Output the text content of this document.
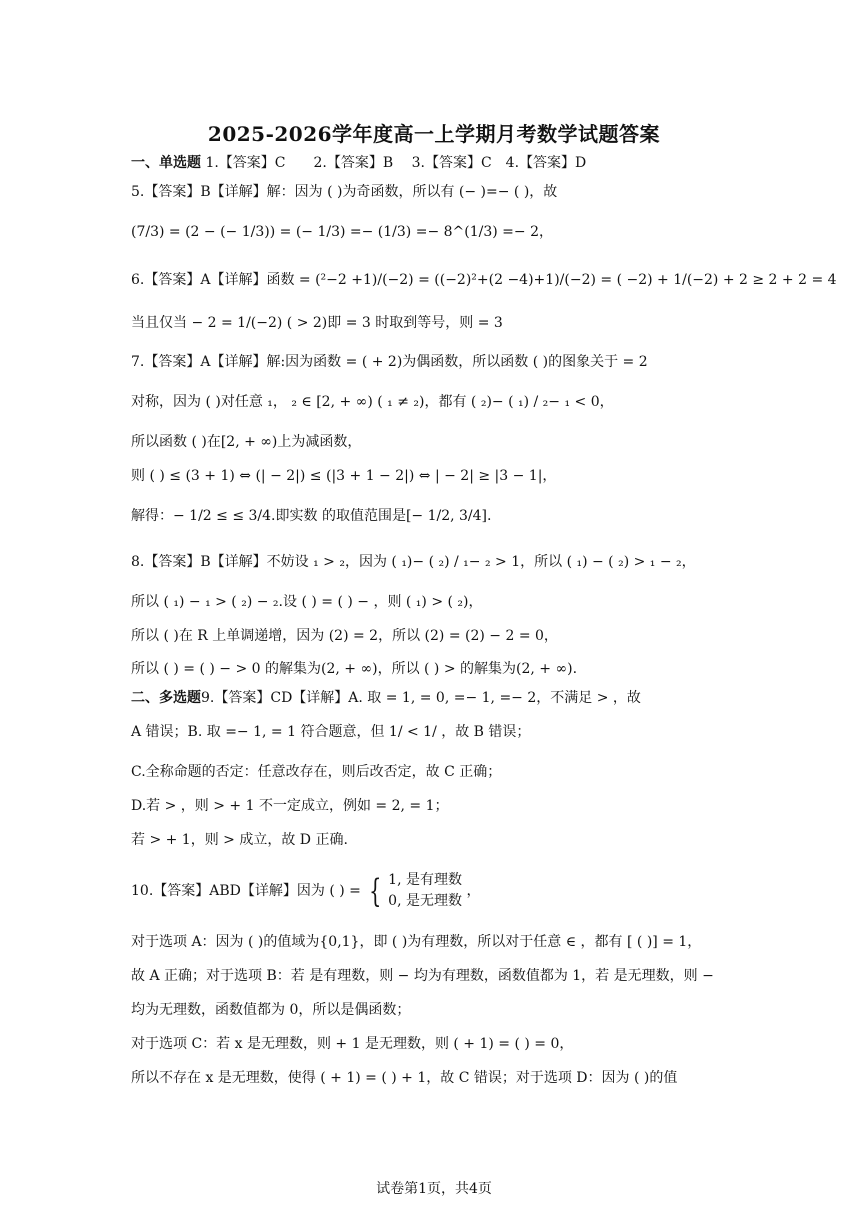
2025-2026学年度高一上学期月考数学试题答案
一、单选题 1.【答案】C　　2.【答案】B　 3.【答案】C　4.【答案】D
5.【答案】B【详解】解：因为 ( )为奇函数，所以有 (− )=− ( )，故
(7/3) = (2 − (− 1/3)) = (− 1/3) =− (1/3) =− 8^(1/3) =− 2，
6.【答案】A【详解】函数 = (²−2 +1)/(−2) = ((−2)²+(2 −4)+1)/(−2) = ( −2) + 1/(−2) + 2 ≥ 2 + 2 = 4
当且仅当 − 2 = 1/(−2) ( > 2)即 = 3 时取到等号，则 = 3
7.【答案】A【详解】解:因为函数 = ( + 2)为偶函数，所以函数 ( )的图象关于 = 2
对称，因为 ( )对任意 ₁， ₂ ∈ [2, + ∞) ( ₁ ≠ ₂)，都有 ( ₂)− ( ₁) / ₂− ₁ < 0，
所以函数 ( )在[2, + ∞)上为减函数，
则 ( ) ≤ (3 + 1) ⇔ (| − 2|) ≤ (|3 + 1 − 2|) ⇔ | − 2| ≥ |3 − 1|，
解得：− 1/2 ≤ ≤ 3/4.即实数 的取值范围是[− 1/2, 3/4].
8.【答案】B【详解】不妨设 ₁ > ₂，因为 ( ₁)− ( ₂) / ₁− ₂ > 1，所以 ( ₁) − ( ₂) > ₁ − ₂，
所以 ( ₁) − ₁ > ( ₂) − ₂.设 ( ) = ( ) − ，则 ( ₁) > ( ₂)，
所以 ( )在 R 上单调递增，因为 (2) = 2，所以 (2) = (2) − 2 = 0，
所以 ( ) = ( ) − > 0 的解集为(2, + ∞)，所以 ( ) > 的解集为(2, + ∞).
二、多选题9.【答案】CD【详解】A. 取 = 1, = 0, =− 1, =− 2，不满足 > ，故
A 错误；B. 取 =− 1, = 1 符合题意，但 1/ < 1/ ，故 B 错误；
C.全称命题的否定：任意改存在，则后改否定，故 C 正确；
D.若 > ，则 > + 1 不一定成立，例如 = 2, = 1；
若 > + 1，则 > 成立，故 D 正确.
10.【答案】ABD【详解】因为 ( ) = { 1, 是有理数
0, 是无理数
，
对于选项 A：因为 ( )的值域为{0,1}，即 ( )为有理数，所以对于任意 ∈ ，都有 [ ( )] = 1，
故 A 正确；对于选项 B：若 是有理数，则 − 均为有理数，函数值都为 1，若 是无理数，则 −
均为无理数，函数值都为 0，所以是偶函数；
对于选项 C：若 x 是无理数，则 + 1 是无理数，则 ( + 1) = ( ) = 0，
所以不存在 x 是无理数，使得 ( + 1) = ( ) + 1，故 C 错误；对于选项 D：因为 ( )的值
试卷第1页，共4页
